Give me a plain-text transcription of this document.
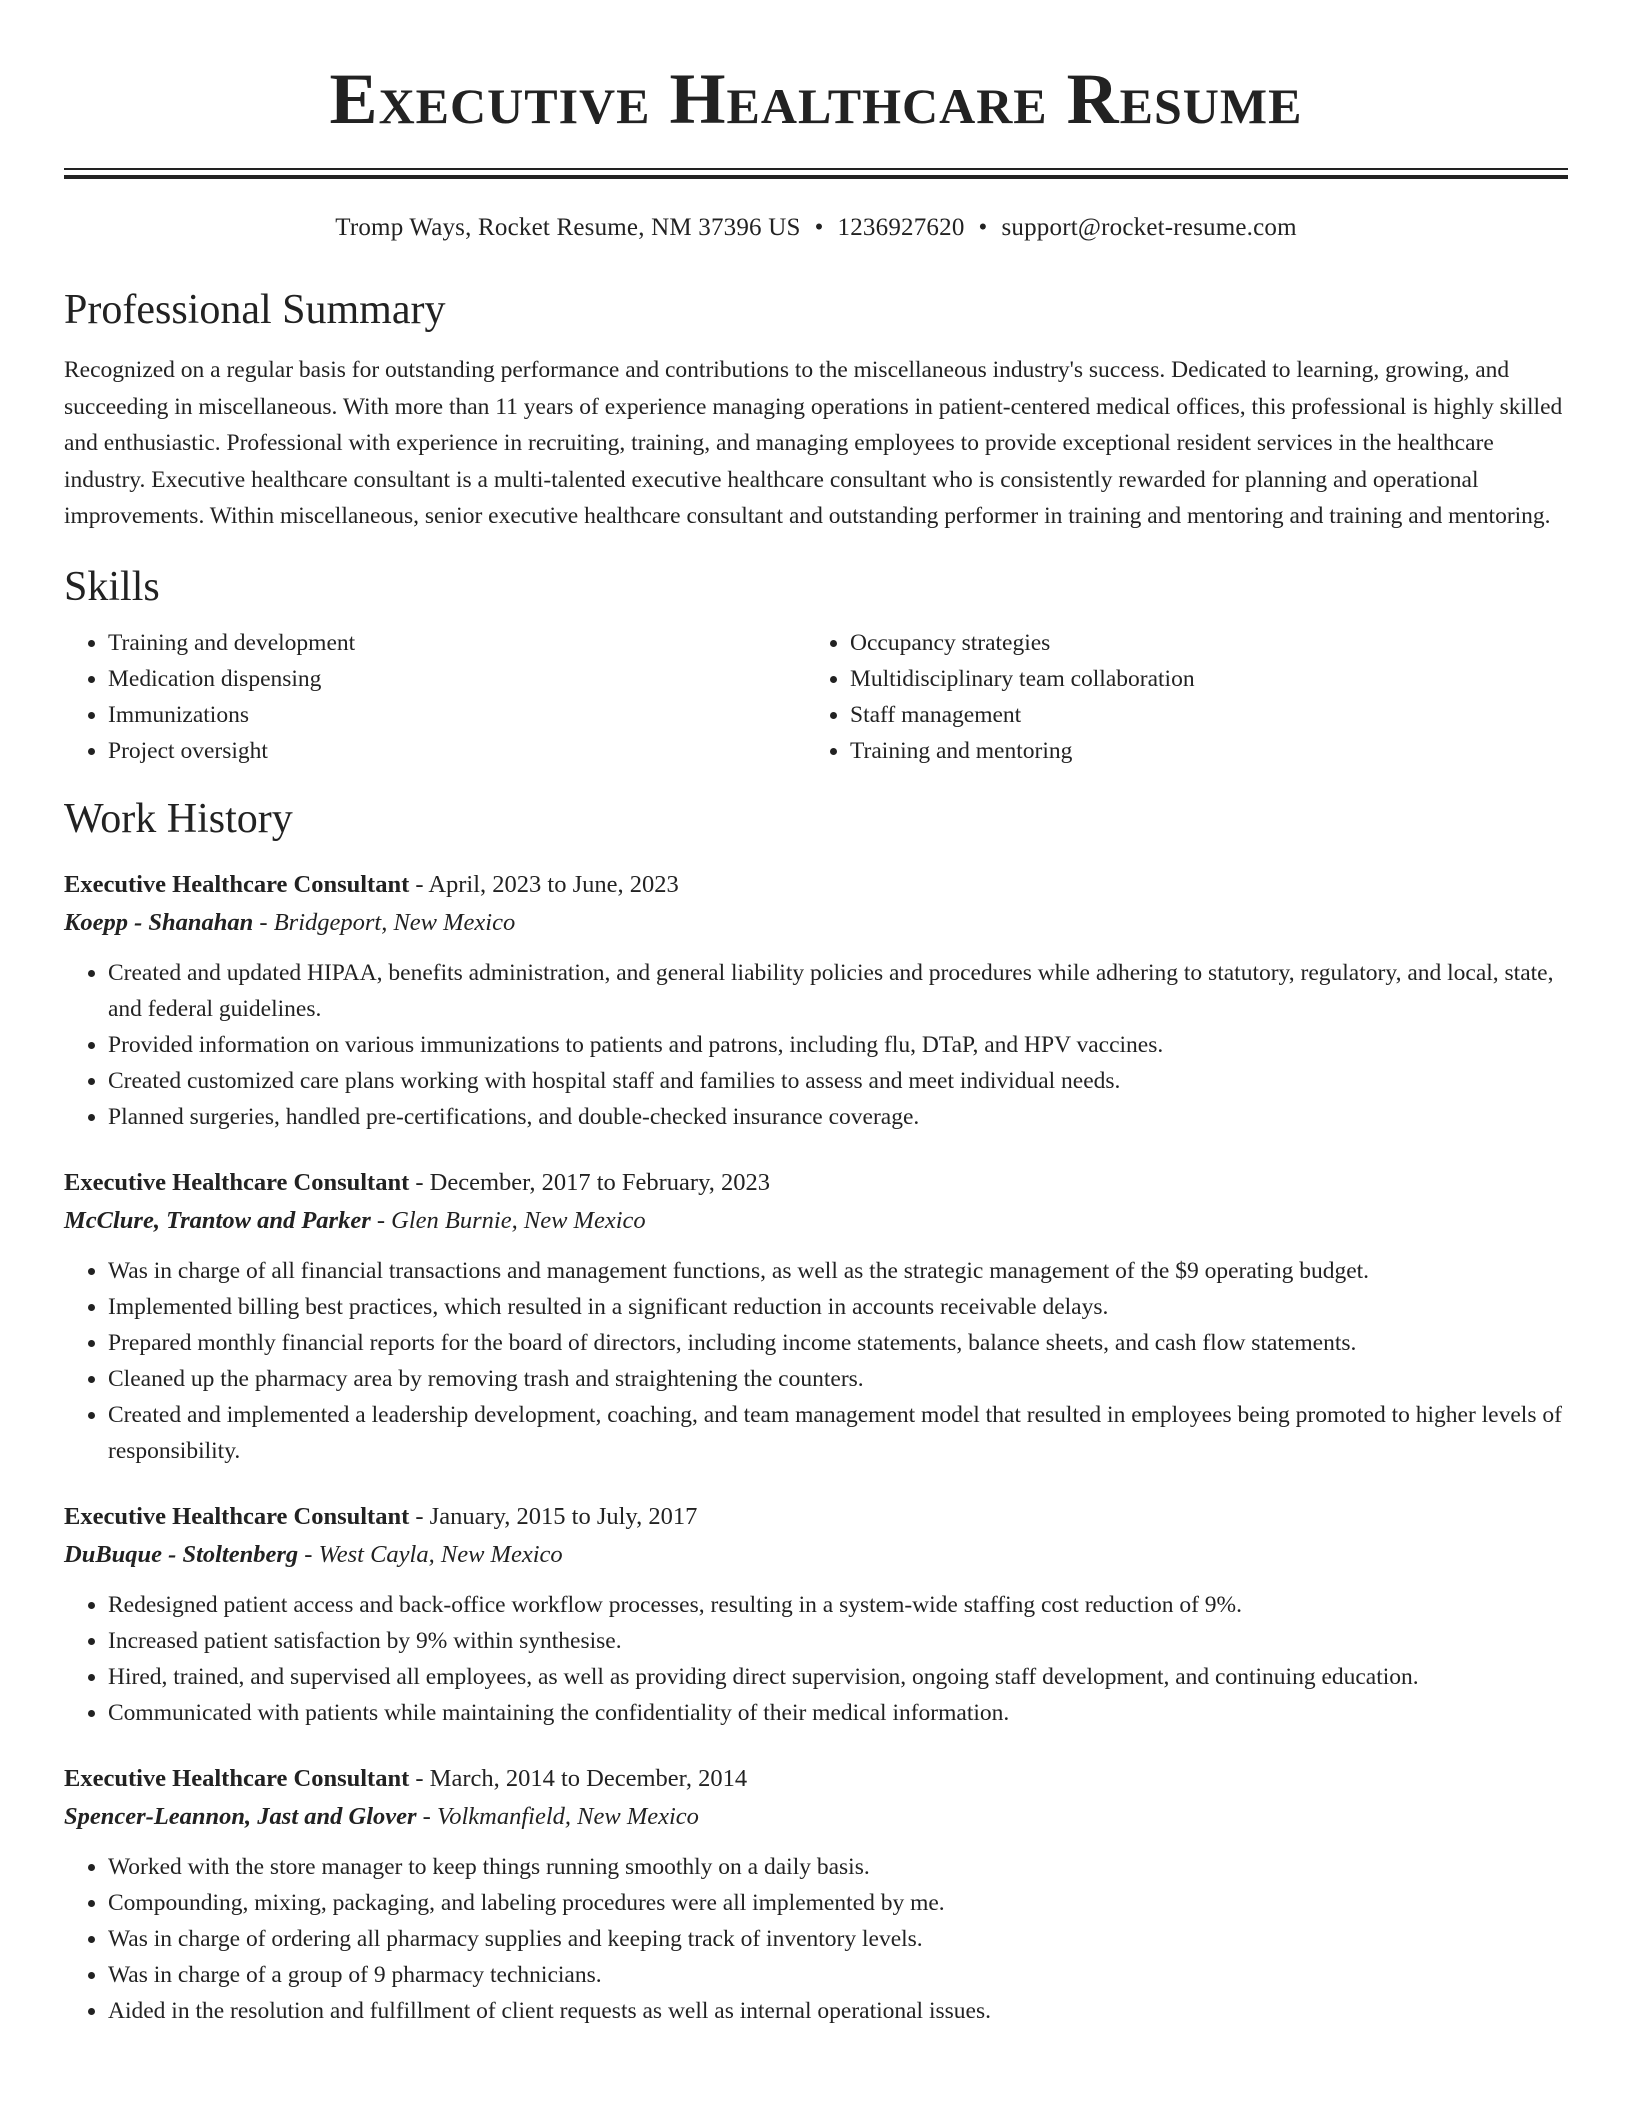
Executive Healthcare Resume
Tromp Ways, Rocket Resume, NM 37396 US • 1236927620 • support@rocket-resume.com
Professional Summary

Recognized on a regular basis for outstanding performance and contributions to the miscellaneous industry's success. Dedicated to learning, growing, and succeeding in miscellaneous. With more than 11 years of experience managing operations in patient-centered medical offices, this professional is highly skilled and enthusiastic. Professional with experience in recruiting, training, and managing employees to provide exceptional resident services in the healthcare industry. Executive healthcare consultant is a multi-talented executive healthcare consultant who is consistently rewarded for planning and operational improvements. Within miscellaneous, senior executive healthcare consultant and outstanding performer in training and mentoring and training and mentoring.

Skills
• Training and development
• Medication dispensing
• Immunizations
• Project oversight
• Occupancy strategies
• Multidisciplinary team collaboration
• Staff management
• Training and mentoring
Work History
Executive Healthcare Consultant - April, 2023 to June, 2023
Koepp - Shanahan - Bridgeport, New Mexico
• Created and updated HIPAA, benefits administration, and general liability policies and procedures while adhering to statutory, regulatory, and local, state, and federal guidelines.
• Provided information on various immunizations to patients and patrons, including flu, DTaP, and HPV vaccines.
• Created customized care plans working with hospital staff and families to assess and meet individual needs.
• Planned surgeries, handled pre-certifications, and double-checked insurance coverage.
Executive Healthcare Consultant - December, 2017 to February, 2023
McClure, Trantow and Parker - Glen Burnie, New Mexico
• Was in charge of all financial transactions and management functions, as well as the strategic management of the $9 operating budget.
• Implemented billing best practices, which resulted in a significant reduction in accounts receivable delays.
• Prepared monthly financial reports for the board of directors, including income statements, balance sheets, and cash flow statements.
• Cleaned up the pharmacy area by removing trash and straightening the counters.
• Created and implemented a leadership development, coaching, and team management model that resulted in employees being promoted to higher levels of responsibility.
Executive Healthcare Consultant - January, 2015 to July, 2017
DuBuque - Stoltenberg - West Cayla, New Mexico
• Redesigned patient access and back-office workflow processes, resulting in a system-wide staffing cost reduction of 9%.
• Increased patient satisfaction by 9% within synthesise.
• Hired, trained, and supervised all employees, as well as providing direct supervision, ongoing staff development, and continuing education.
• Communicated with patients while maintaining the confidentiality of their medical information.
Executive Healthcare Consultant - March, 2014 to December, 2014
Spencer-Leannon, Jast and Glover - Volkmanfield, New Mexico
• Worked with the store manager to keep things running smoothly on a daily basis.
• Compounding, mixing, packaging, and labeling procedures were all implemented by me.
• Was in charge of ordering all pharmacy supplies and keeping track of inventory levels.
• Was in charge of a group of 9 pharmacy technicians.
• Aided in the resolution and fulfillment of client requests as well as internal operational issues.
